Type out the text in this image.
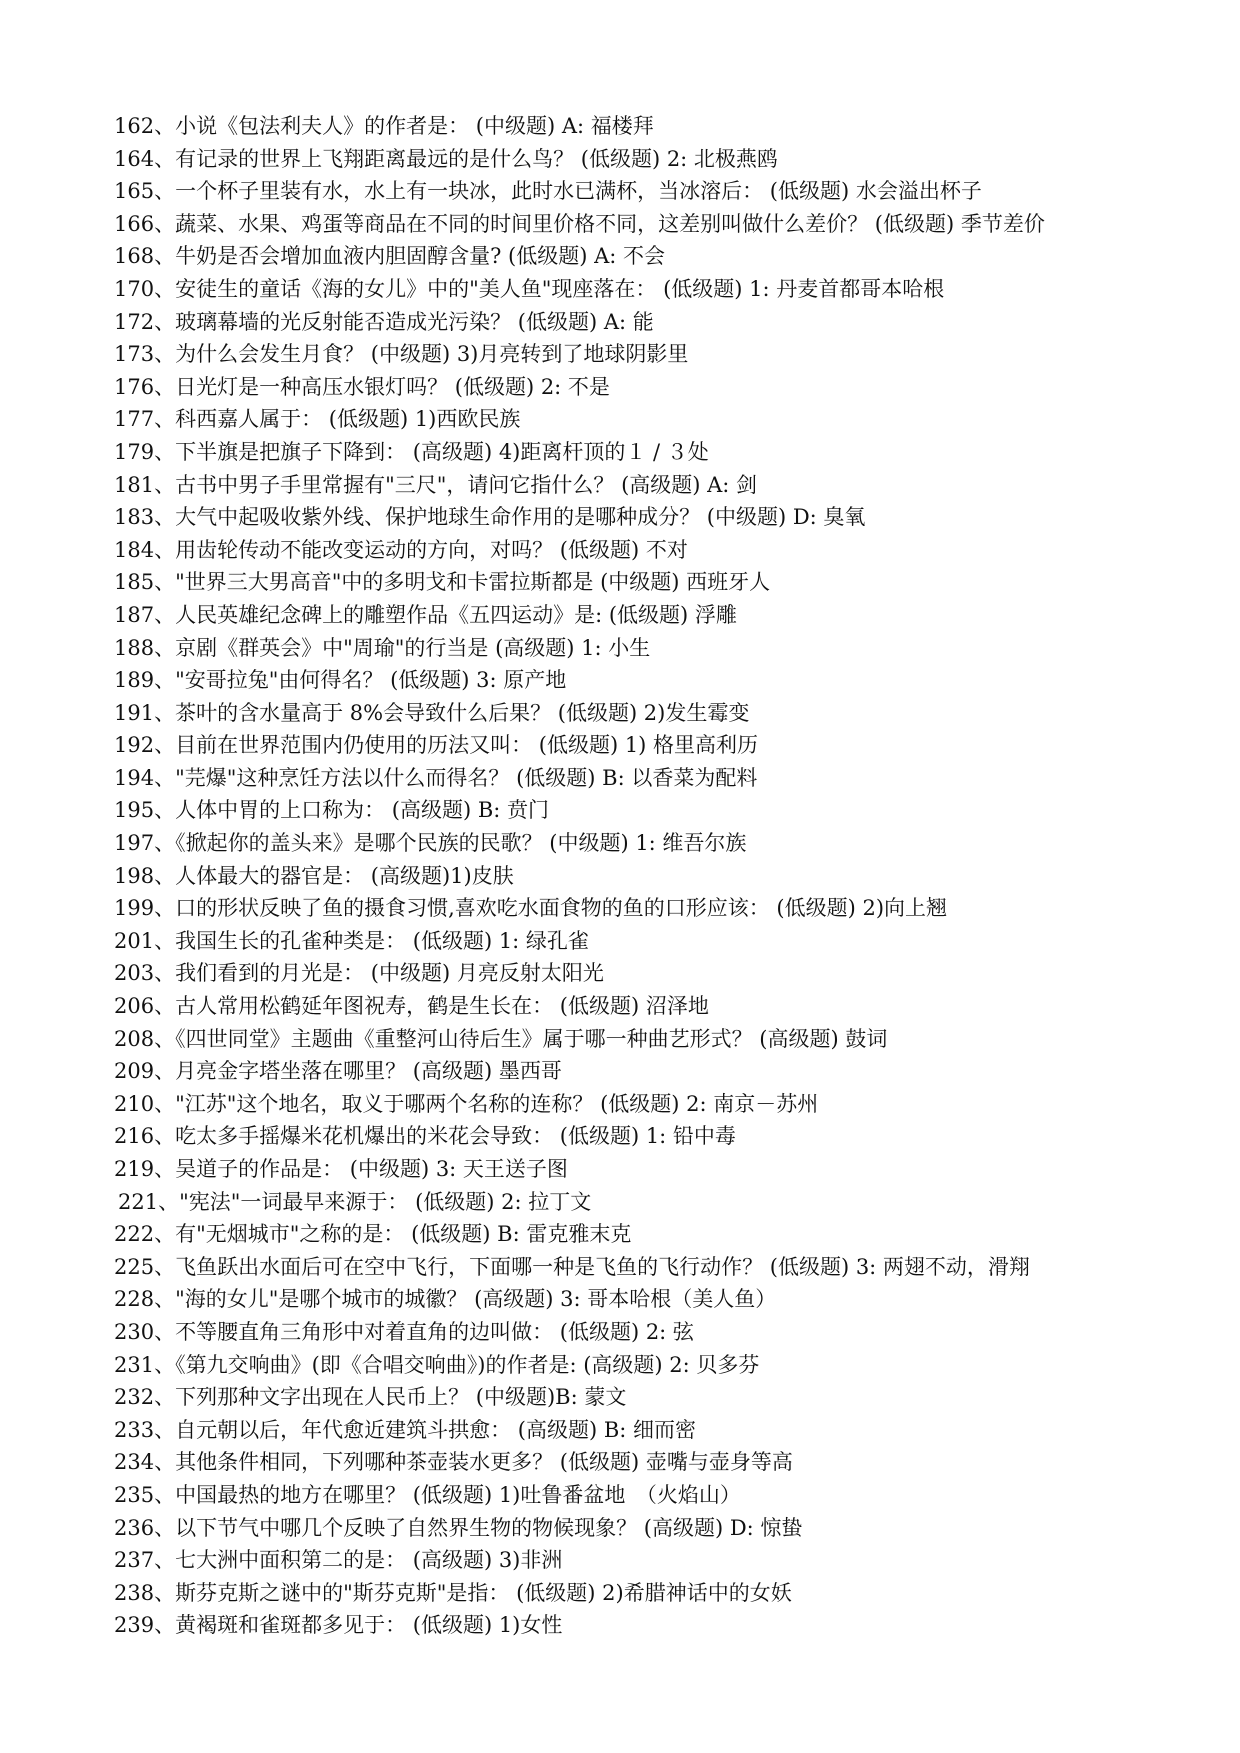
162、小说《包法利夫人》的作者是： (中级题) A: 福楼拜
164、有记录的世界上飞翔距离最远的是什么鸟？ (低级题) 2: 北极燕鸥
165、一个杯子里装有水，水上有一块冰，此时水已满杯，当冰溶后： (低级题) 水会溢出杯子
166、蔬菜、水果、鸡蛋等商品在不同的时间里价格不同，这差别叫做什么差价？ (低级题) 季节差价
168、牛奶是否会增加血液内胆固醇含量? (低级题) A: 不会
170、安徒生的童话《海的女儿》中的"美人鱼"现座落在： (低级题) 1: 丹麦首都哥本哈根
172、玻璃幕墙的光反射能否造成光污染？ (低级题) A: 能
173、为什么会发生月食？ (中级题) 3)月亮转到了地球阴影里
176、日光灯是一种高压水银灯吗？ (低级题) 2: 不是
177、科西嘉人属于： (低级题) 1)西欧民族
179、下半旗是把旗子下降到： (高级题) 4)距离杆顶的１ / ３处
181、古书中男子手里常握有"三尺"，请问它指什么？ (高级题) A: 剑
183、大气中起吸收紫外线、保护地球生命作用的是哪种成分？ (中级题) D: 臭氧
184、用齿轮传动不能改变运动的方向，对吗？ (低级题) 不对
185、"世界三大男高音"中的多明戈和卡雷拉斯都是 (中级题) 西班牙人
187、人民英雄纪念碑上的雕塑作品《五四运动》是: (低级题) 浮雕
188、京剧《群英会》中"周瑜"的行当是 (高级题) 1: 小生
189、"安哥拉兔"由何得名？ (低级题) 3: 原产地
191、茶叶的含水量高于 8%会导致什么后果？ (低级题) 2)发生霉变
192、目前在世界范围内仍使用的历法又叫： (低级题) 1) 格里高利历
194、"芫爆"这种烹饪方法以什么而得名？ (低级题) B: 以香菜为配料
195、人体中胃的上口称为： (高级题) B: 贲门
197、《掀起你的盖头来》是哪个民族的民歌？ (中级题) 1: 维吾尔族
198、人体最大的器官是： (高级题)1)皮肤
199、口的形状反映了鱼的摄食习惯,喜欢吃水面食物的鱼的口形应该： (低级题) 2)向上翘
201、我国生长的孔雀种类是： (低级题) 1: 绿孔雀
203、我们看到的月光是： (中级题) 月亮反射太阳光
206、古人常用松鹤延年图祝寿，鹤是生长在： (低级题) 沼泽地
208、《四世同堂》主题曲《重整河山待后生》属于哪一种曲艺形式？ (高级题) 鼓词
209、月亮金字塔坐落在哪里？ (高级题) 墨西哥
210、"江苏"这个地名，取义于哪两个名称的连称？ (低级题) 2: 南京－苏州
216、吃太多手摇爆米花机爆出的米花会导致： (低级题) 1: 铅中毒
219、吴道子的作品是： (中级题) 3: 天王送子图
221、"宪法"一词最早来源于： (低级题) 2: 拉丁文
222、有"无烟城市"之称的是： (低级题) B: 雷克雅末克
225、飞鱼跃出水面后可在空中飞行，下面哪一种是飞鱼的飞行动作？ (低级题) 3: 两翅不动，滑翔
228、"海的女儿"是哪个城市的城徽？ (高级题) 3: 哥本哈根（美人鱼）
230、不等腰直角三角形中对着直角的边叫做： (低级题) 2: 弦
231、《第九交响曲》(即《合唱交响曲》)的作者是: (高级题) 2: 贝多芬
232、下列那种文字出现在人民币上？ (中级题)B: 蒙文
233、自元朝以后，年代愈近建筑斗拱愈： (高级题) B: 细而密
234、其他条件相同，下列哪种茶壶装水更多？ (低级题) 壶嘴与壶身等高
235、中国最热的地方在哪里？ (低级题) 1)吐鲁番盆地　（火焰山）
236、以下节气中哪几个反映了自然界生物的物候现象？ (高级题) D: 惊蛰
237、七大洲中面积第二的是： (高级题) 3)非洲
238、斯芬克斯之谜中的"斯芬克斯"是指： (低级题) 2)希腊神话中的女妖
239、黄褐斑和雀斑都多见于： (低级题) 1)女性
